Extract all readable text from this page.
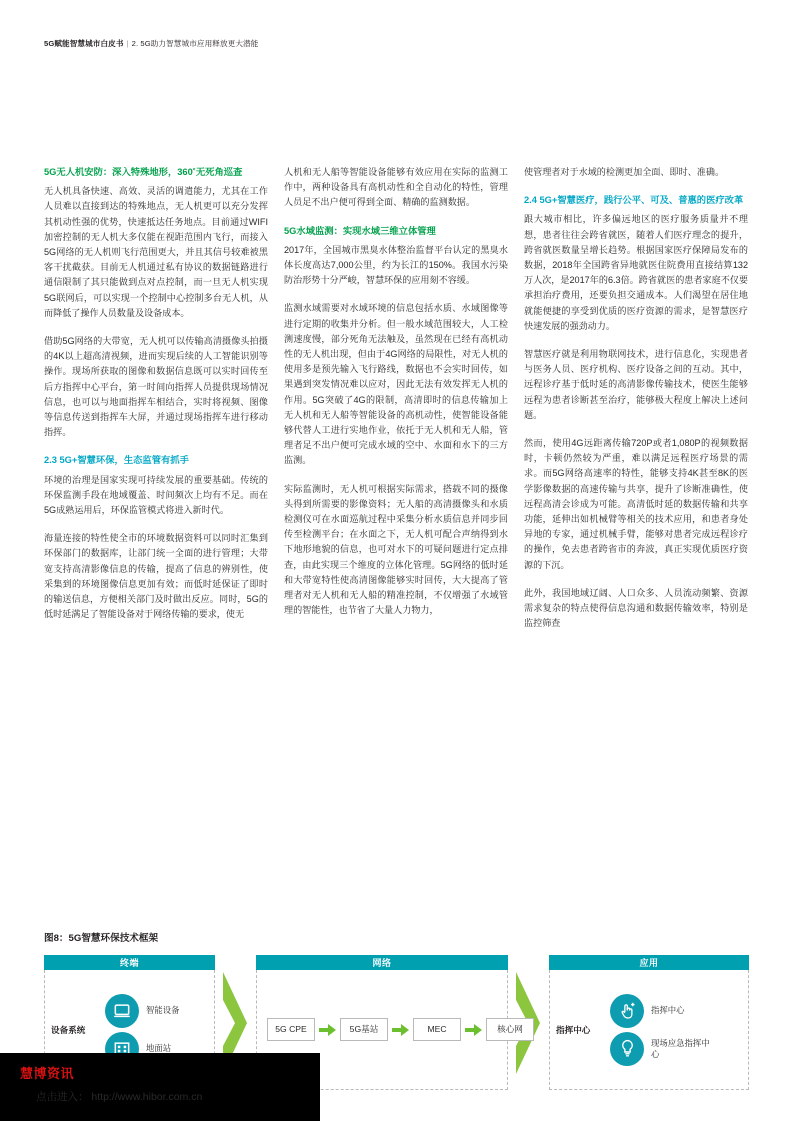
5G赋能智慧城市白皮书 | 2. 5G助力智慧城市应用释放更大潜能
5G无人机安防：深入特殊地形，360˚无死角巡查

无人机具备快速、高效、灵活的调遣能力，尤其在工作人员难以直接到达的特殊地点，无人机更可以充分发挥其机动性强的优势，快速抵达任务地点。目前通过WIFI加密控制的无人机大多仅能在视距范围内飞行，而接入5G网络的无人机则飞行范围更大，并且其信号较难被黑客干扰截获。目前无人机通过私有协议的数据链路进行通信限制了其只能做到点对点控制，而一旦无人机实现5G联网后，可以实现一个控制中心控制多台无人机，从而降低了操作人员数量及设备成本。

借助5G网络的大带宽，无人机可以传输高清摄像头拍摄的4K以上超高清视频，进而实现后续的人工智能识别等操作。现场所获取的图像和数据信息既可以实时回传至后方指挥中心平台，第一时间向指挥人员提供现场情况信息，也可以与地面指挥车相结合，实时将视频、图像等信息传送到指挥车大屏，并通过现场指挥车进行移动指挥。

2.3 5G+智慧环保，生态监管有抓手

环境的治理是国家实现可持续发展的重要基础。传统的环保监测手段在地域覆盖、时间频次上均有不足。而在5G成熟运用后，环保监管模式将进入新时代。

海量连接的特性使全市的环境数据资料可以同时汇集到环保部门的数据库，让部门统一全面的进行管理；大带宽支持高清影像信息的传输，提高了信息的辨别性，使采集到的环境图像信息更加有效；而低时延保证了即时的输送信息，方便相关部门及时做出反应。同时，5G的低时延满足了智能设备对于网络传输的要求，使无

人机和无人船等智能设备能够有效应用在实际的监测工作中，两种设备具有高机动性和全自动化的特性，管理人员足不出户便可得到全面、精确的监测数据。

5G水域监测：实现水域三维立体管理

2017年，全国城市黑臭水体整治监督平台认定的黑臭水体长度高达7,000公里，约为长江的150%。我国水污染防治形势十分严峻，智慧环保的应用刻不容缓。

监测水域需要对水域环境的信息包括水质、水域图像等进行定期的收集并分析。但一般水域范围较大，人工检测速度慢，部分死角无法触及，虽然现在已经有高机动性的无人机出现，但由于4G网络的局限性，对无人机的使用多是预先输入飞行路线，数据也不会实时回传，如果遇到突发情况难以应对，因此无法有效发挥无人机的作用。5G突破了4G的限制，高清即时的信息传输加上无人机和无人船等智能设备的高机动性，使智能设备能够代替人工进行实地作业，依托于无人机和无人船，管理者足不出户便可完成水域的空中、水面和水下的三方监测。

实际监测时，无人机可根据实际需求，搭载不同的摄像头得到所需要的影像资料；无人船的高清摄像头和水质检测仪可在水面巡航过程中采集分析水质信息并同步回传至检测平台；在水面之下，无人机可配合声纳得到水下地形地貌的信息，也可对水下的可疑问题进行定点排查，由此实现三个维度的立体化管理。5G网络的低时延和大带宽特性使高清图像能够实时回传，大大提高了管理者对无人机和无人船的精准控制，不仅增强了水域管理的智能性，也节省了大量人力物力，

使管理者对于水域的检测更加全面、即时、准确。

2.4 5G+智慧医疗，践行公平、可及、普惠的医疗改革

跟大城市相比，许多偏远地区的医疗服务质量并不理想，患者往往会跨省就医，随着人们医疗理念的提升，跨省就医数量呈增长趋势。根据国家医疗保障局发布的数据，2018年全国跨省异地就医住院费用直接结算132万人次，是2017年的6.3倍。跨省就医的患者家庭不仅要承担治疗费用，还要负担交通成本。人们渴望在居住地就能便捷的享受到优质的医疗资源的需求，是智慧医疗快速发展的强劲动力。

智慧医疗就是利用物联网技术，进行信息化，实现患者与医务人员、医疗机构、医疗设备之间的互动。其中，远程诊疗基于低时延的高清影像传输技术，使医生能够远程为患者诊断甚至治疗，能够极大程度上解决上述问题。

然而，使用4G远距离传输720P或者1,080P的视频数据时，卡顿仍然较为严重，难以满足远程医疗场景的需求。而5G网络高速率的特性，能够支持4K甚至8K的医学影像数据的高速传输与共享，提升了诊断准确性，使远程高清会诊成为可能。高清低时延的数据传输和共享功能，延伸出如机械臂等相关的技术应用，和患者身处异地的专家，通过机械手臂，能够对患者完成远程诊疗的操作，免去患者跨省市的奔波，真正实现优质医疗资源的下沉。

此外，我国地域辽阔、人口众多、人员流动频繁、资源需求复杂的特点使得信息沟通和数据传输效率，特别是监控筛查

图8：5G智慧环保技术框架
终端
设备系统
智能设备
地面站
网络
5G CPE	5G基站	MEC	核心网
应用
指挥中心
指挥中心
现场应急指挥中心
慧博资讯
点击进入： http://www.hibor.com.cn
